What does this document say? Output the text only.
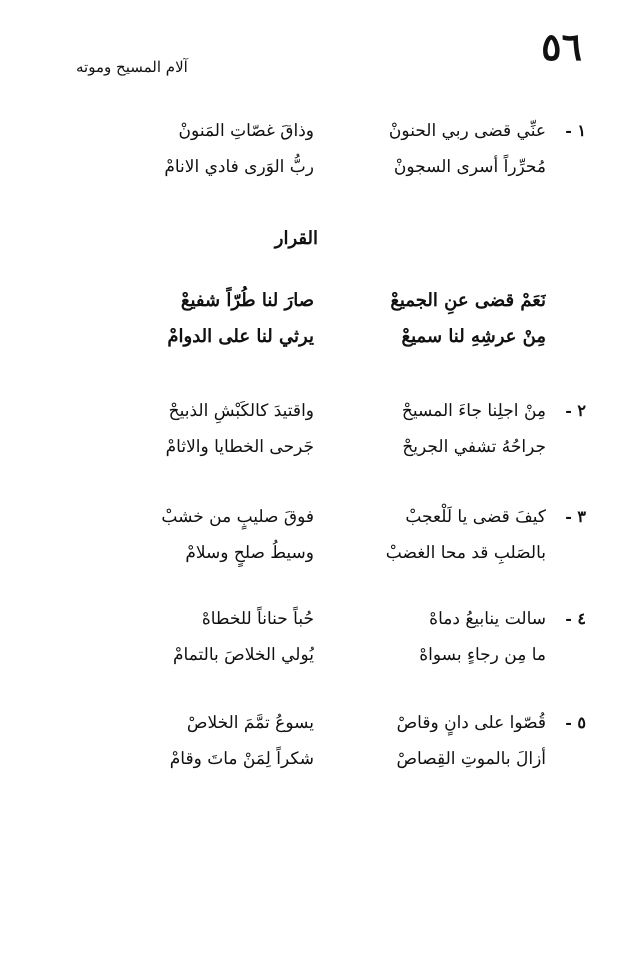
٥٦
آلام المسيح وموته
١ -
عنِّي قضى ربي الحنونْ
وذاقَ غصّاتِ المَنونْ
مُحرِّراً أسرى السجونْ
ربُّ الوَرى فادي الانامْ
القرار
نَعَمْ قضى عنِ الجميعْ
صارَ لنا طُرّاً شفيعْ
مِنْ عرشِهِ لنا سميعْ
يرثي لنا على الدوامْ
٢ -
مِنْ اجلِنا جاءَ المسيحْ
واقتيدَ كالكَبْشِ الذبيحْ
جراحُهُ تشفي الجريحْ
جَرحى الخطايا والاثامْ
٣ -
كيفَ قضى يا لَلْعجبْ
فوقَ صليبٍ من خشبْ
بالصَلبِ قد محا الغضبْ
وسيطُ صلحٍ وسلامْ
٤ -
سالت ينابيعُ دماهْ
حُباً حناناً للخطاهْ
ما مِن رجاءٍ بسواهْ
يُولي الخلاصَ بالتمامْ
٥ -
قُصّوا على دانٍ وقاصْ
يسوعُ تمَّمَ الخلاصْ
أزالَ بالموتِ القِصاصْ
شكراً لِمَنْ ماتَ وقامْ
